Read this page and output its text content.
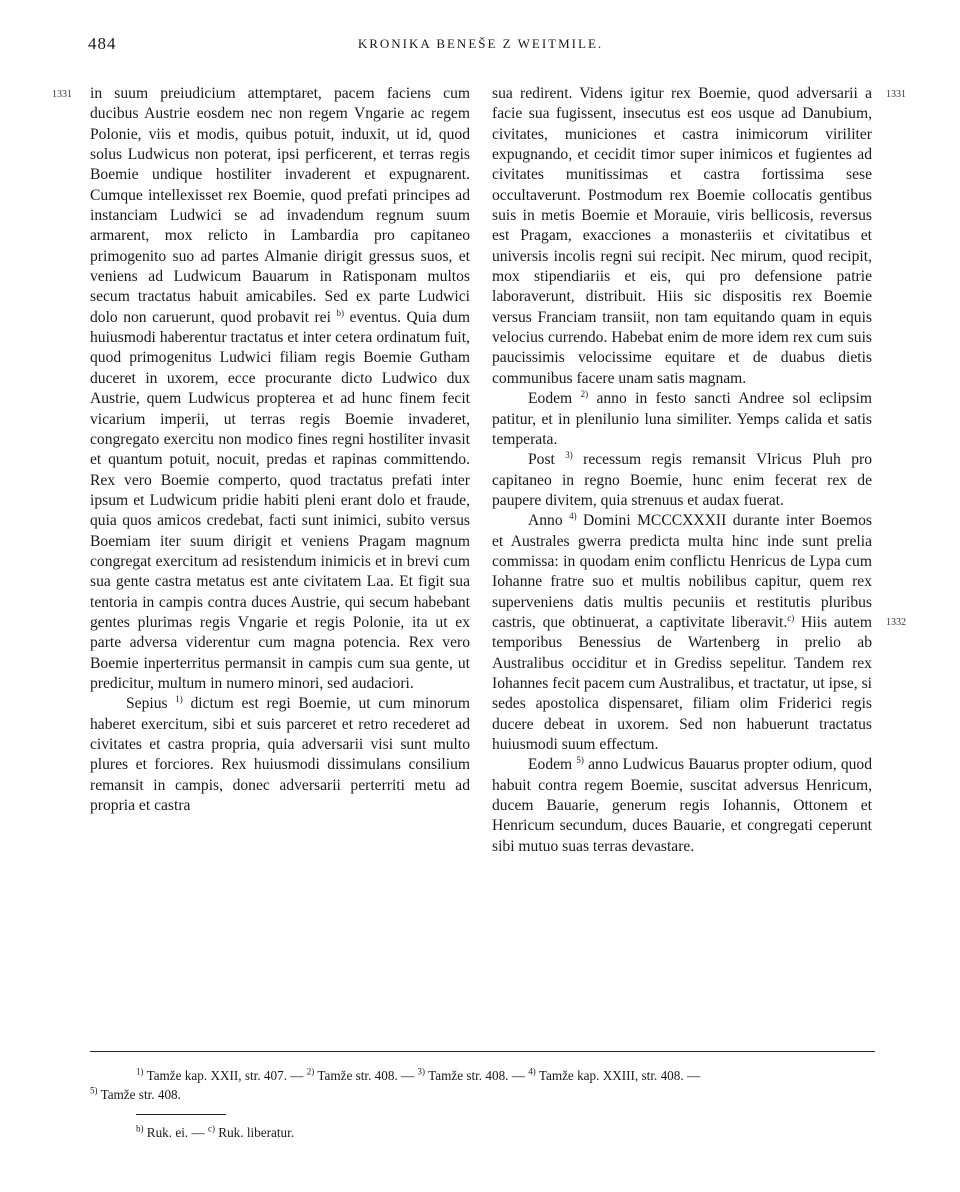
484	KRONIKA BENEŠE Z WEITMILE.
1331	1331
1332

in suum preiudicium attemptaret, pacem faciens cum ducibus Austrie eosdem nec non regem Vngarie ac regem Polonie, viis et modis, quibus potuit, induxit, ut id, quod solus Ludwicus non poterat, ipsi perficerent, et terras regis Boemie undique hostiliter invaderent et expugnarent. Cumque intellexisset rex Boemie, quod prefati principes ad instanciam Ludwici se ad invadendum regnum suum armarent, mox relicto in Lambardia pro capitaneo primogenito suo ad partes Almanie dirigit gressus suos, et veniens ad Ludwicum Bauarum in Ratisponam multos secum tractatus habuit amicabiles. Sed ex parte Ludwici dolo non caruerunt, quod probavit rei $^{b)}$ eventus. Quia dum huiusmodi haberentur tractatus et inter cetera ordinatum fuit, quod primogenitus Ludwici filiam regis Boemie Gutham duceret in uxorem, ecce procurante dicto Ludwico dux Austrie, quem Ludwicus propterea et ad hunc finem fecit vicarium imperii, ut terras regis Boemie invaderet, congregato exercitu non modico fines regni hostiliter invasit et quantum potuit, nocuit, predas et rapinas committendo. Rex vero Boemie comperto, quod tractatus prefati inter ipsum et Ludwicum pridie habiti pleni erant dolo et fraude, quia quos amicos credebat, facti sunt inimici, subito versus Boemiam iter suum dirigit et veniens Pragam magnum congregat exercitum ad resistendum inimicis et in brevi cum sua gente castra metatus est ante civitatem Laa. Et figit sua tentoria in campis contra duces Austrie, qui secum habebant gentes plurimas regis Vngarie et regis Polonie, ita ut ex parte adversa viderentur cum magna potencia. Rex vero Boemie inperterritus permansit in campis cum sua gente, ut predicitur, multum in numero minori, sed audaciori.

Sepius $^{1)}$ dictum est regi Boemie, ut cum minorum haberet exercitum, sibi et suis parceret et retro recederet ad civitates et castra propria, quia adversarii visi sunt multo plures et forciores. Rex huiusmodi dissimulans consilium remansit in campis, donec adversarii perterriti metu ad propria et castra

sua redirent. Videns igitur rex Boemie, quod adversarii a facie sua fugissent, insecutus est eos usque ad Danubium, civitates, municiones et castra inimicorum viriliter expugnando, et cecidit timor super inimicos et fugientes ad civitates munitissimas et castra fortissima sese occultaverunt. Postmodum rex Boemie collocatis gentibus suis in metis Boemie et Morauie, viris bellicosis, reversus est Pragam, exacciones a monasteriis et civitatibus et universis incolis regni sui recipit. Nec mirum, quod recipit, mox stipendiariis et eis, qui pro defensione patrie laboraverunt, distribuit. Hiis sic dispositis rex Boemie versus Franciam transiit, non tam equitando quam in equis velocius currendo. Habebat enim de more idem rex cum suis paucissimis velocissime equitare et de duabus dietis communibus facere unam satis magnam.

Eodem $^{2)}$ anno in festo sancti Andree sol eclipsim patitur, et in plenilunio luna similiter. Yemps calida et satis temperata.

Post $^{3)}$ recessum regis remansit Vlricus Pluh pro capitaneo in regno Boemie, hunc enim fecerat rex de paupere divitem, quia strenuus et audax fuerat.

Anno $^{4)}$ Domini MCCCXXXII durante inter Boemos et Australes gwerra predicta multa hinc inde sunt prelia commissa: in quodam enim conflictu Henricus de Lypa cum Iohanne fratre suo et multis nobilibus capitur, quem rex superveniens datis multis pecuniis et restitutis pluribus castris, que obtinuerat, a captivitate liberavit.$^{c)}$ Hiis autem temporibus Benessius de Wartenberg in prelio ab Australibus occiditur et in Grediss sepelitur. Tandem rex Iohannes fecit pacem cum Australibus, et tractatur, ut ipse, si sedes apostolica dispensaret, filiam olim Friderici regis ducere debeat in uxorem. Sed non habuerunt tractatus huiusmodi suum effectum.

Eodem $^{5)}$ anno Ludwicus Bauarus propter odium, quod habuit contra regem Boemie, suscitat adversus Henricum, ducem Bauarie, generum regis Iohannis, Ottonem et Henricum secundum, duces Bauarie, et congregati ceperunt sibi mutuo suas terras devastare.

$^{1)}$ Tamže kap. XXII, str. 407. — $^{2)}$ Tamže str. 408. — $^{3)}$ Tamže str. 408. — $^{4)}$ Tamže kap. XXIII, str. 408. —

$^{5)}$ Tamže str. 408.

$^{b)}$ Ruk. ei. — $^{c)}$ Ruk. liberatur.
